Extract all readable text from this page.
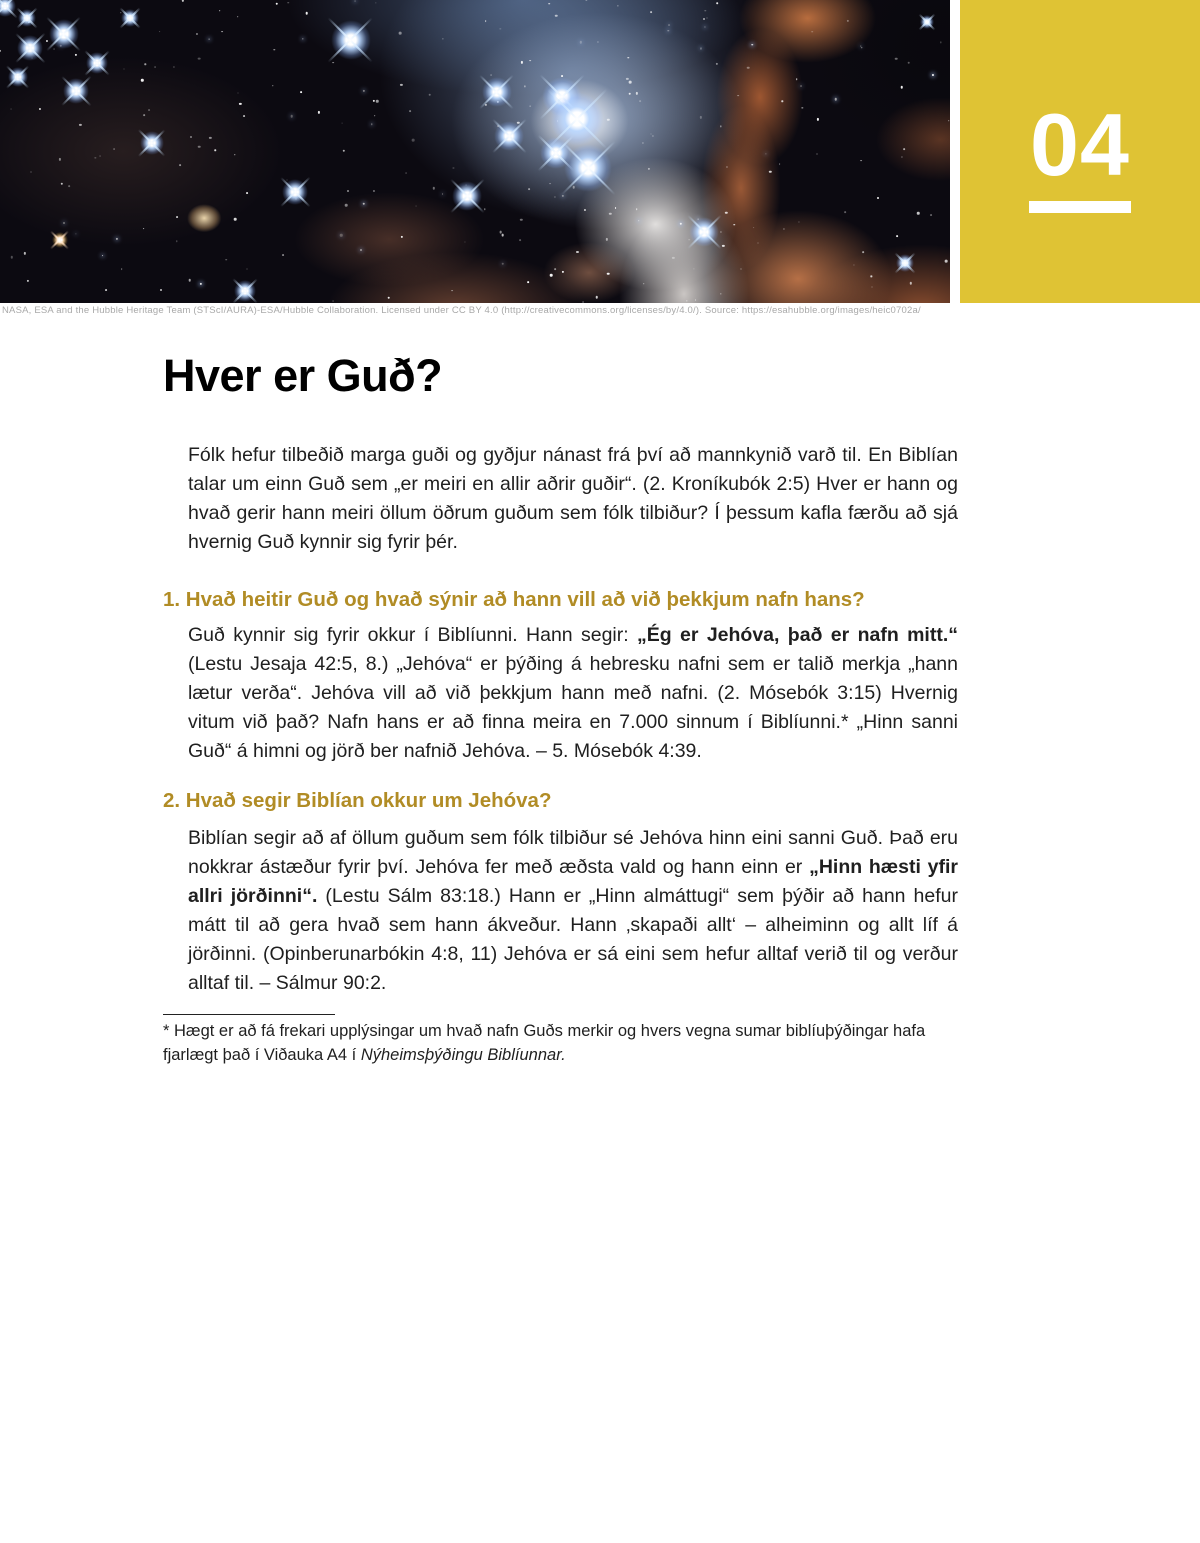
04
NASA, ESA and the Hubble Heritage Team (STScI/AURA)-ESA/Hubble Collaboration. Licensed under CC BY 4.0 (http://creativecommons.org/licenses/by/4.0/). Source: https://esahubble.org/images/heic0702a/
Hver er Guð?

Fólk hefur tilbeðið marga guði og gyðjur nánast frá því að mannkynið varð til. En Biblían talar um einn Guð sem „er meiri en allir aðrir guðir“. (2. Kroníkubók 2:5) Hver er hann og hvað gerir hann meiri öllum öðrum guðum sem fólk tilbiður? Í þessum kafla færðu að sjá hvernig Guð kynnir sig fyrir þér.

1. Hvað heitir Guð og hvað sýnir að hann vill að við þekkjum nafn hans?

Guð kynnir sig fyrir okkur í Biblíunni. Hann segir: „Ég er Jehóva, það er nafn mitt.“ (Lestu Jesaja 42:5, 8.) „Jehóva“ er þýðing á hebresku nafni sem er talið merkja „hann lætur verða“. Jehóva vill að við þekkjum hann með nafni. (2. Mósebók 3:15) Hvernig vitum við það? Nafn hans er að finna meira en 7.000 sinnum í Biblíunni.* „Hinn sanni Guð“ á himni og jörð ber nafnið Jehóva. – 5. Mósebók 4:39.

2. Hvað segir Biblían okkur um Jehóva?

Biblían segir að af öllum guðum sem fólk tilbiður sé Jehóva hinn eini sanni Guð. Það eru nokkrar ástæður fyrir því. Jehóva fer með æðsta vald og hann einn er „Hinn hæsti yfir allri jörðinni“. (Lestu Sálm 83:18.) Hann er „Hinn almáttugi“ sem þýðir að hann hefur mátt til að gera hvað sem hann ákveður. Hann ‚skapaði allt‘ – alheiminn og allt líf á jörðinni. (Opinberunarbókin 4:8, 11) Jehóva er sá eini sem hefur alltaf verið til og verður alltaf til. – Sálmur 90:2.

* Hægt er að fá frekari upplýsingar um hvað nafn Guðs merkir og hvers vegna sumar biblíuþýðingar hafa fjarlægt það í Viðauka A4 í Nýheimsþýðingu Biblíunnar.
